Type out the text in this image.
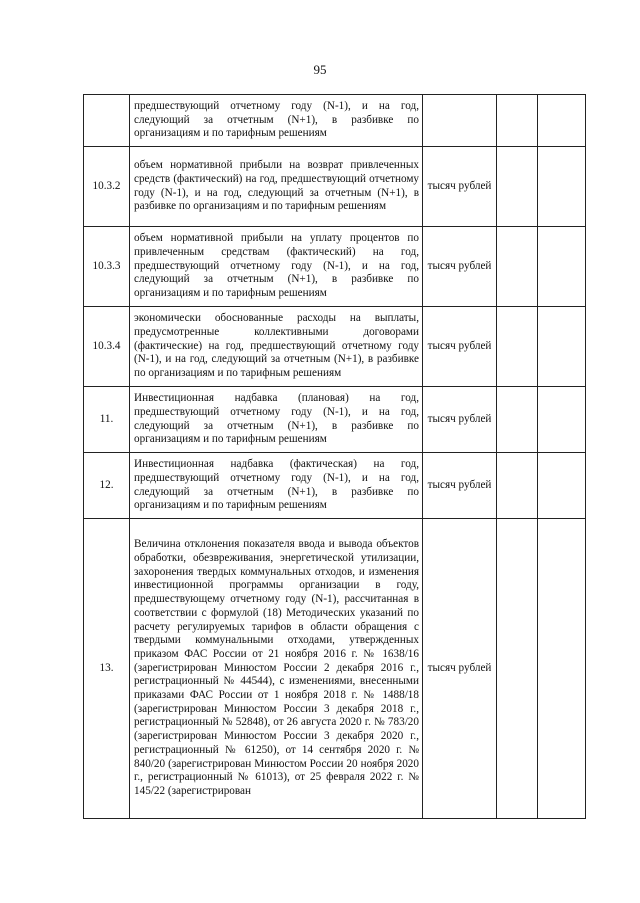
95
	предшествующий отчетному году (N-1), и на год, следующий за отчетным (N+1), в разбивке по организациям и по тарифным решениям			
10.3.2	объем нормативной прибыли на возврат привлеченных средств (фактический) на год, предшествующий отчетному году (N-1), и на год, следующий за отчетным (N+1), в разбивке по организациям и по тарифным решениям	тысяч рублей		
10.3.3	объем нормативной прибыли на уплату процентов по привлеченным средствам (фактический) на год, предшествующий отчетному году (N-1), и на год, следующий за отчетным (N+1), в разбивке по организациям и по тарифным решениям	тысяч рублей		
10.3.4	экономически обоснованные расходы на выплаты, предусмотренные коллективными договорами (фактические) на год, предшествующий отчетному году (N-1), и на год, следующий за отчетным (N+1), в разбивке по организациям и по тарифным решениям	тысяч рублей		
11.	Инвестиционная надбавка (плановая) на год, предшествующий отчетному году (N-1), и на год, следующий за отчетным (N+1), в разбивке по организациям и по тарифным решениям	тысяч рублей		
12.	Инвестиционная надбавка (фактическая) на год, предшествующий отчетному году (N-1), и на год, следующий за отчетным (N+1), в разбивке по организациям и по тарифным решениям	тысяч рублей		
13.	Величина отклонения показателя ввода и вывода объектов обработки, обезвреживания, энергетической утилизации, захоронения твердых коммунальных отходов, и изменения инвестиционной программы организации в году, предшествующему отчетному году (N-1), рассчитанная в соответствии с формулой (18) Методических указаний по расчету регулируемых тарифов в области обращения с твердыми коммунальными отходами, утвержденных приказом ФАС России от 21 ноября 2016 г. № 1638/16 (зарегистрирован Минюстом России 2 декабря 2016 г., регистрационный № 44544), с изменениями, внесенными приказами ФАС России от 1 ноября 2018 г. № 1488/18 (зарегистрирован Минюстом России 3 декабря 2018 г., регистрационный № 52848), от 26 августа 2020 г. № 783/20 (зарегистрирован Минюстом России 3 декабря 2020 г., регистрационный № 61250), от 14 сентября 2020 г. № 840/20 (зарегистрирован Минюстом России 20 ноября 2020 г., регистрационный № 61013), от 25 февраля 2022 г. № 145/22 (зарегистрирован	тысяч рублей		
